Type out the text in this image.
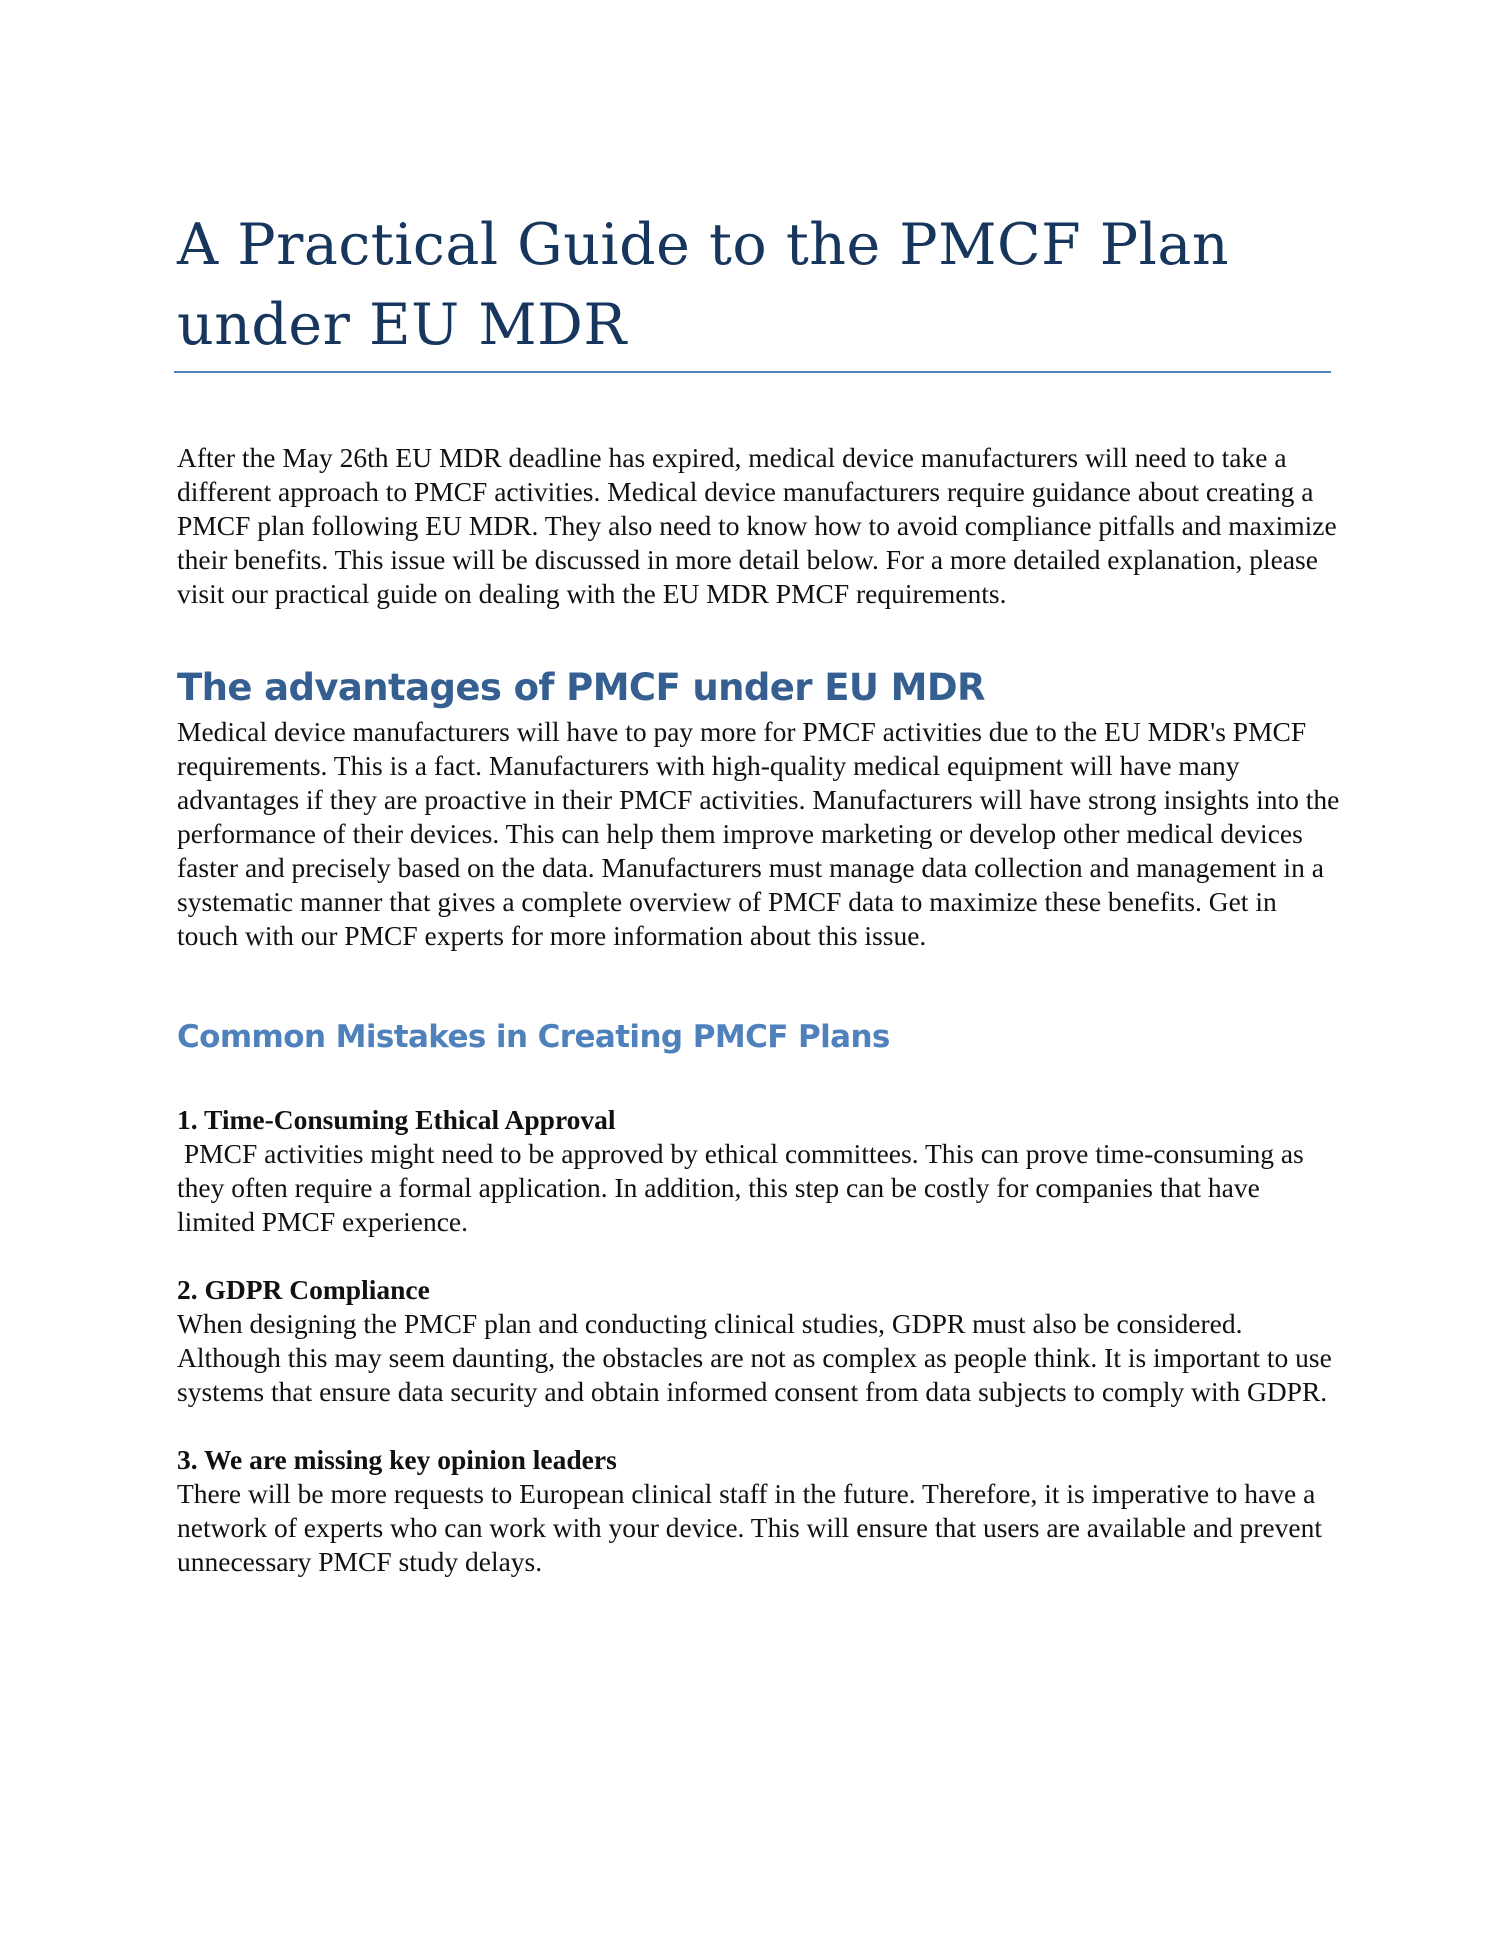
A Practical Guide to the PMCF Plan under EU MDR

After the May 26th EU MDR deadline has expired, medical device manufacturers will need to take a different approach to PMCF activities. Medical device manufacturers require guidance about creating a PMCF plan following EU MDR. They also need to know how to avoid compliance pitfalls and maximize their benefits. This issue will be discussed in more detail below. For a more detailed explanation, please visit our practical guide on dealing with the EU MDR PMCF requirements.

The advantages of PMCF under EU MDR

Medical device manufacturers will have to pay more for PMCF activities due to the EU MDR's PMCF requirements. This is a fact. Manufacturers with high-quality medical equipment will have many advantages if they are proactive in their PMCF activities. Manufacturers will have strong insights into the performance of their devices. This can help them improve marketing or develop other medical devices faster and precisely based on the data. Manufacturers must manage data collection and management in a systematic manner that gives a complete overview of PMCF data to maximize these benefits. Get in touch with our PMCF experts for more information about this issue.

Common Mistakes in Creating PMCF Plans

1. Time-Consuming Ethical Approval

PMCF activities might need to be approved by ethical committees. This can prove time-consuming as they often require a formal application. In addition, this step can be costly for companies that have limited PMCF experience.

2. GDPR Compliance

When designing the PMCF plan and conducting clinical studies, GDPR must also be considered. Although this may seem daunting, the obstacles are not as complex as people think. It is important to use systems that ensure data security and obtain informed consent from data subjects to comply with GDPR.

3. We are missing key opinion leaders

There will be more requests to European clinical staff in the future. Therefore, it is imperative to have a network of experts who can work with your device. This will ensure that users are available and prevent unnecessary PMCF study delays.
